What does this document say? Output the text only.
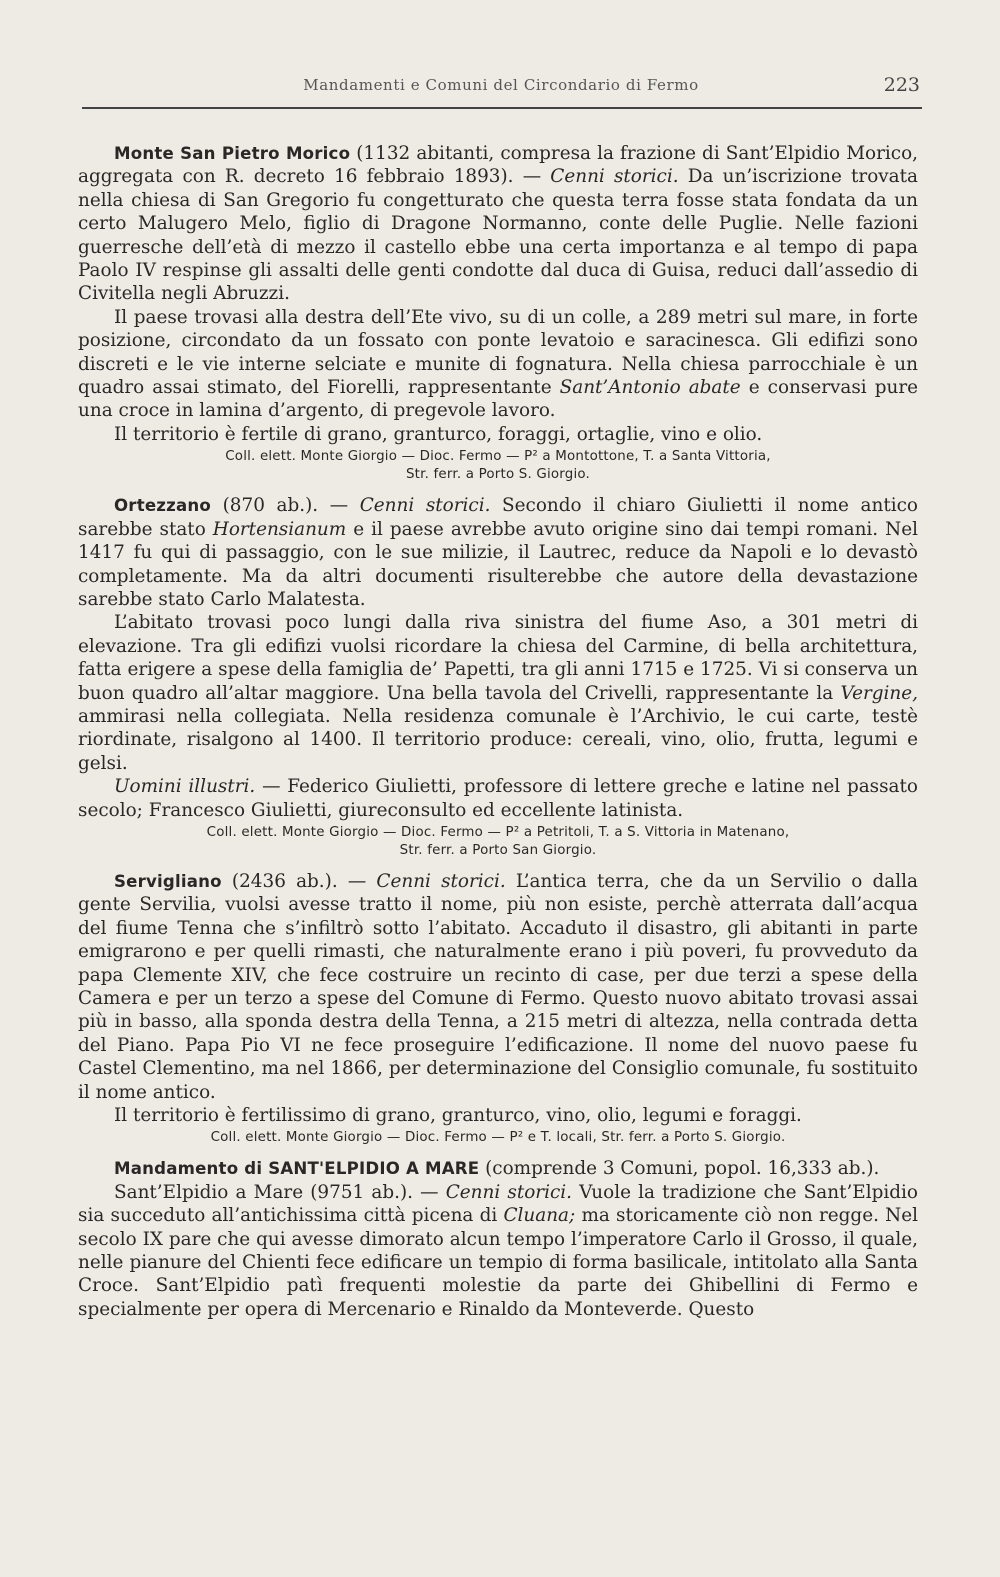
Mandamenti e Comuni del Circondario di Fermo	223

Monte San Pietro Morico (1132 abitanti, compresa la frazione di Sant’Elpidio Morico, aggregata con R. decreto 16 febbraio 1893). — Cenni storici. Da un’iscrizione trovata nella chiesa di San Gregorio fu congetturato che questa terra fosse stata fondata da un certo Malugero Melo, figlio di Dragone Normanno, conte delle Puglie. Nelle fazioni guerresche dell’età di mezzo il castello ebbe una certa importanza e al tempo di papa Paolo IV respinse gli assalti delle genti condotte dal duca di Guisa, reduci dall’assedio di Civitella negli Abruzzi.

Il paese trovasi alla destra dell’Ete vivo, su di un colle, a 289 metri sul mare, in forte posizione, circondato da un fossato con ponte levatoio e saracinesca. Gli edifizi sono discreti e le vie interne selciate e munite di fognatura. Nella chiesa parrocchiale è un quadro assai stimato, del Fiorelli, rappresentante Sant’Antonio abate e conservasi pure una croce in lamina d’argento, di pregevole lavoro.

Il territorio è fertile di grano, granturco, foraggi, ortaglie, vino e olio.

Coll. elett. Monte Giorgio — Dioc. Fermo — P² a Montottone, T. a Santa Vittoria,
Str. ferr. a Porto S. Giorgio.

Ortezzano (870 ab.). — Cenni storici. Secondo il chiaro Giulietti il nome antico sarebbe stato Hortensianum e il paese avrebbe avuto origine sino dai tempi romani. Nel 1417 fu qui di passaggio, con le sue milizie, il Lautrec, reduce da Napoli e lo devastò completamente. Ma da altri documenti risulterebbe che autore della devastazione sarebbe stato Carlo Malatesta.

L’abitato trovasi poco lungi dalla riva sinistra del fiume Aso, a 301 metri di elevazione. Tra gli edifizi vuolsi ricordare la chiesa del Carmine, di bella architettura, fatta erigere a spese della famiglia de’ Papetti, tra gli anni 1715 e 1725. Vi si conserva un buon quadro all’altar maggiore. Una bella tavola del Crivelli, rappresentante la Vergine, ammirasi nella collegiata. Nella residenza comunale è l’Archivio, le cui carte, testè riordinate, risalgono al 1400. Il territorio produce: cereali, vino, olio, frutta, legumi e gelsi.

Uomini illustri. — Federico Giulietti, professore di lettere greche e latine nel passato secolo; Francesco Giulietti, giureconsulto ed eccellente latinista.

Coll. elett. Monte Giorgio — Dioc. Fermo — P² a Petritoli, T. a S. Vittoria in Matenano,
Str. ferr. a Porto San Giorgio.

Servigliano (2436 ab.). — Cenni storici. L’antica terra, che da un Servilio o dalla gente Servilia, vuolsi avesse tratto il nome, più non esiste, perchè atterrata dall’acqua del fiume Tenna che s’infiltrò sotto l’abitato. Accaduto il disastro, gli abitanti in parte emigrarono e per quelli rimasti, che naturalmente erano i più poveri, fu provveduto da papa Clemente XIV, che fece costruire un recinto di case, per due terzi a spese della Camera e per un terzo a spese del Comune di Fermo. Questo nuovo abitato trovasi assai più in basso, alla sponda destra della Tenna, a 215 metri di altezza, nella contrada detta del Piano. Papa Pio VI ne fece proseguire l’edificazione. Il nome del nuovo paese fu Castel Clementino, ma nel 1866, per determinazione del Consiglio comunale, fu sostituito il nome antico.

Il territorio è fertilissimo di grano, granturco, vino, olio, legumi e foraggi.

Coll. elett. Monte Giorgio — Dioc. Fermo — P² e T. locali, Str. ferr. a Porto S. Giorgio.

Mandamento di SANT'ELPIDIO A MARE (comprende 3 Comuni, popol. 16,333 ab.).

Sant’Elpidio a Mare (9751 ab.). — Cenni storici. Vuole la tradizione che Sant’Elpidio sia succeduto all’antichissima città picena di Cluana; ma storicamente ciò non regge. Nel secolo IX pare che qui avesse dimorato alcun tempo l’imperatore Carlo il Grosso, il quale, nelle pianure del Chienti fece edificare un tempio di forma basilicale, intitolato alla Santa Croce. Sant’Elpidio patì frequenti molestie da parte dei Ghibellini di Fermo e specialmente per opera di Mercenario e Rinaldo da Monteverde. Questo
